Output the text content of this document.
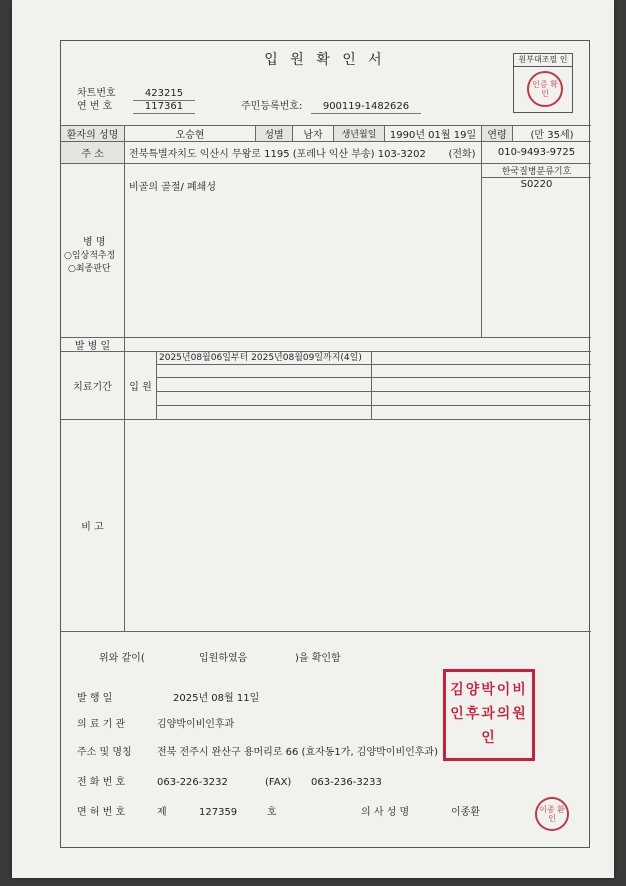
입 원 확 인 서	원부대조필 인
인증 확인
차트번호	423215
연 번 호	117361	주민등록번호:	900119-1482626
환자의 성명	오승현	성별	남자	생년월일	1990년 01월 19일	연령	(만 35세)
주 소	전북특별자치도 익산시 무왕로 1195 (포레나 익산 부송) 103-3202	(전화)	010-9493-9725
한국질병분류기호
S0220
비골의 골절/ 폐쇄성
병 명
○임상적추정
○최종판단
발 병 일
치료기간	입 원
2025년08월06일부터 2025년08월09일까지(4일)
비 고
위와 같이(	입원하였음	)을 확인함
발 행 일	2025년 08월 11일
의 료 기 관	김양박이비인후과
주소 및 명칭	전북 전주시 완산구 용머리로 66 (효자동1가, 김양박이비인후과)
전 화 번 호	063-226-3232	(FAX) 063-236-3233
면 허 번 호	제	127359	호	의 사 성 명	이종환
김양박이비인후과의원인
이종 환인
